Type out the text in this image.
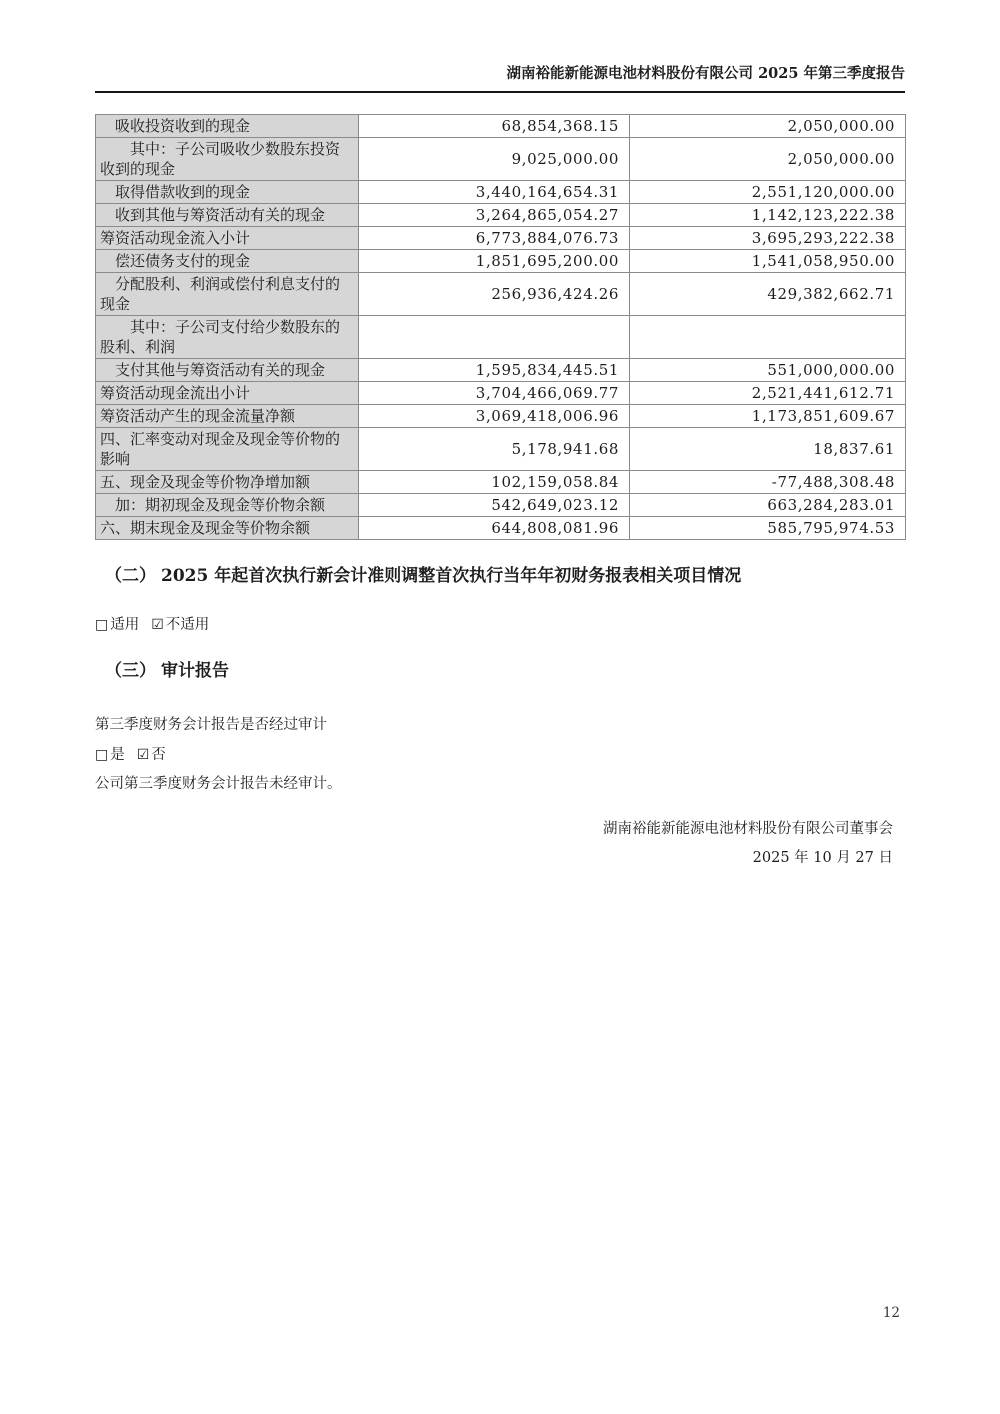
湖南裕能新能源电池材料股份有限公司 2025 年第三季度报告
吸收投资收到的现金	68,854,368.15	2,050,000.00
其中：子公司吸收少数股东投资收到的现金	9,025,000.00	2,050,000.00
取得借款收到的现金	3,440,164,654.31	2,551,120,000.00
收到其他与筹资活动有关的现金	3,264,865,054.27	1,142,123,222.38
筹资活动现金流入小计	6,773,884,076.73	3,695,293,222.38
偿还债务支付的现金	1,851,695,200.00	1,541,058,950.00
分配股利、利润或偿付利息支付的现金	256,936,424.26	429,382,662.71
其中：子公司支付给少数股东的股利、利润		
支付其他与筹资活动有关的现金	1,595,834,445.51	551,000,000.00
筹资活动现金流出小计	3,704,466,069.77	2,521,441,612.71
筹资活动产生的现金流量净额	3,069,418,006.96	1,173,851,609.67
四、汇率变动对现金及现金等价物的影响	5,178,941.68	18,837.61
五、现金及现金等价物净增加额	102,159,058.84	-77,488,308.48
加：期初现金及现金等价物余额	542,649,023.12	663,284,283.01
六、期末现金及现金等价物余额	644,808,081.96	585,795,974.53
（二） 2025 年起首次执行新会计准则调整首次执行当年年初财务报表相关项目情况
□ 适用 ☑ 不适用
（三） 审计报告
第三季度财务会计报告是否经过审计
□ 是 ☑ 否
公司第三季度财务会计报告未经审计。
湖南裕能新能源电池材料股份有限公司董事会
2025 年 10 月 27 日
12
